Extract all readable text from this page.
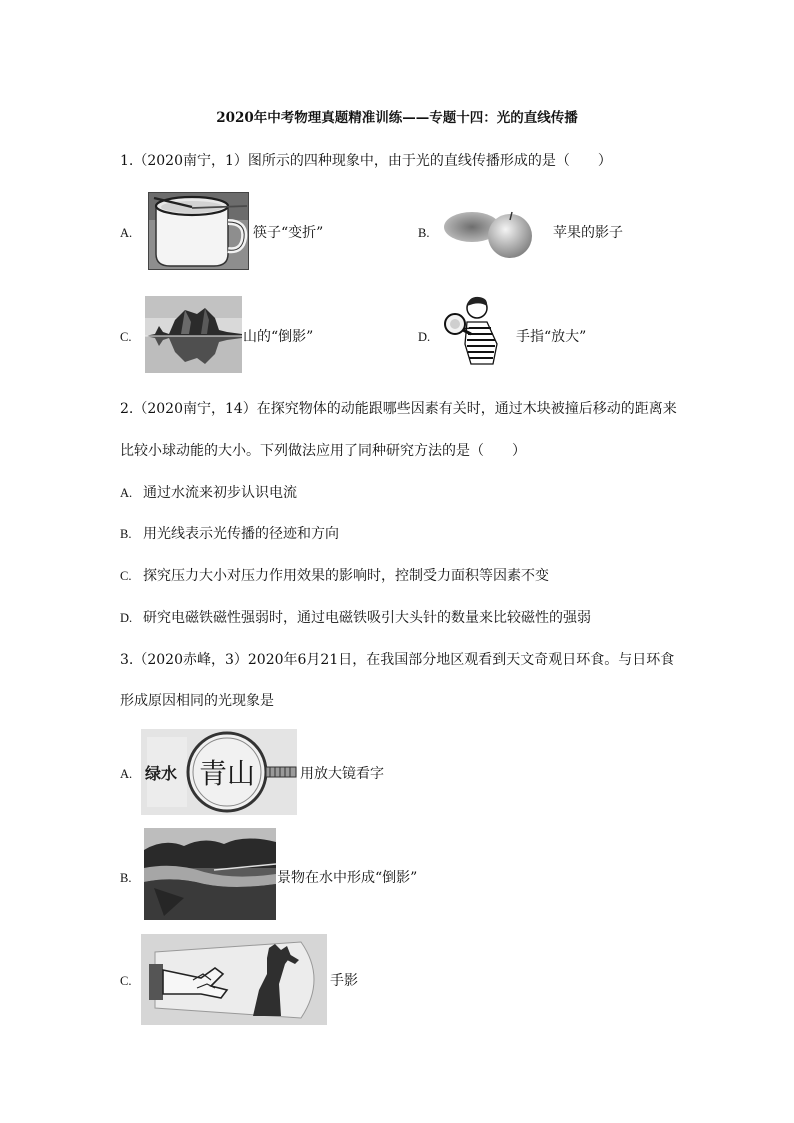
2020年中考物理真题精准训练——专题十四：光的直线传播
1.（2020南宁，1）图所示的四种现象中，由于光的直线传播形成的是（　　）
A.	筷子“变折”	B.	苹果的影子
C.	山的“倒影”	D.	手指“放大”
2.（2020南宁，14）在探究物体的动能跟哪些因素有关时，通过木块被撞后移动的距离来
比较小球动能的大小。下列做法应用了同种研究方法的是（　　）
A. 通过水流来初步认识电流
B. 用光线表示光传播的径迹和方向
C. 探究压力大小对压力作用效果的影响时，控制受力面积等因素不变
D. 研究电磁铁磁性强弱时，通过电磁铁吸引大头针的数量来比较磁性的强弱
3.（2020赤峰，3）2020年6月21日，在我国部分地区观看到天文奇观日环食。与日环食
形成原因相同的光现象是
A. 绿水 青山	用放大镜看字
B.	景物在水中形成“倒影”
C.	手影
